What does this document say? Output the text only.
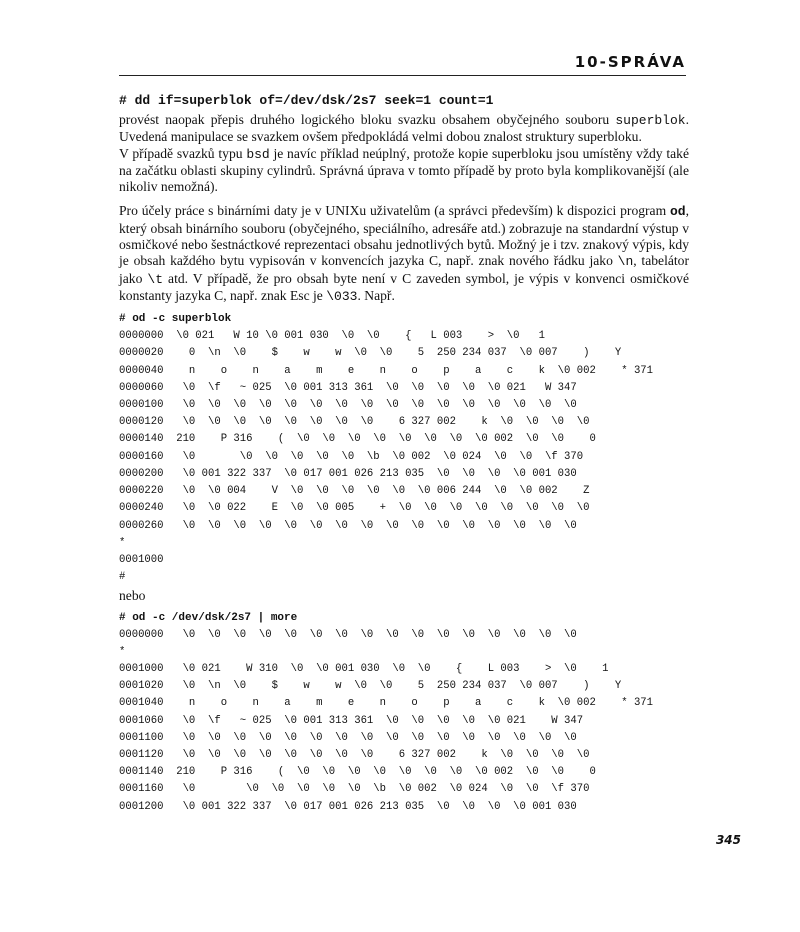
10-SPRÁVA
# dd if=superblok of=/dev/dsk/2s7 seek=1 count=1

provést naopak přepis druhého logického bloku svazku obsahem obyčejného souboru superblok. Uvedená manipulace se svazkem ovšem předpokládá velmi dobou znalost struktury superbloku.
V případě svazků typu bsd je navíc příklad neúplný, protože kopie superbloku jsou umístěny vždy také na začátku oblasti skupiny cylindrů. Správná úprava v tomto případě by proto byla komplikovanější (ale nikoliv nemožná).

Pro účely práce s binárními daty je v UNIXu uživatelům (a správci především) k dispozici program od, který obsah binárního souboru (obyčejného, speciálního, adresáře atd.) zobrazuje na standardní výstup v osmičkové nebo šestnáctkové reprezentaci obsahu jednotlivých bytů. Možný je i tzv. znakový výpis, kdy je obsah každého bytu vypisován v konvencích jazyka C, např. znak nového řádku jako \n, tabelátor jako \t atd. V případě, že pro obsah byte není v C zaveden symbol, je výpis v konvenci osmičkové konstanty jazyka C, např. znak Esc je \033. Např.

# od -c superblok
0000000  \0 021   W 10 \0 001 030  \0  \0    {   L 003    >  \0   1
0000020    0  \n  \0    $    w    w  \0  \0    5  250 234 037  \0 007    )    Y
0000040    n    o    n    a    m    e    n    o    p    a    c    k  \0 002    * 371
0000060   \0  \f   ~ 025  \0 001 313 361  \0  \0  \0  \0  \0 021   W 347
0000100   \0  \0  \0  \0  \0  \0  \0  \0  \0  \0  \0  \0  \0  \0  \0  \0
0000120   \0  \0  \0  \0  \0  \0  \0  \0    6 327 002    k  \0  \0  \0  \0
0000140  210    P 316    (  \0  \0  \0  \0  \0  \0  \0  \0 002  \0  \0    0
0000160   \0       \0  \0  \0  \0  \0  \b  \0 002  \0 024  \0  \0  \f 370
0000200   \0 001 322 337  \0 017 001 026 213 035  \0  \0  \0  \0 001 030
0000220   \0  \0 004    V  \0  \0  \0  \0  \0  \0 006 244  \0  \0 002    Z
0000240   \0  \0 022    E  \0  \0 005    +  \0  \0  \0  \0  \0  \0  \0  \0
0000260   \0  \0  \0  \0  \0  \0  \0  \0  \0  \0  \0  \0  \0  \0  \0  \0
*
0001000
#

nebo

# od -c /dev/dsk/2s7 | more
0000000   \0  \0  \0  \0  \0  \0  \0  \0  \0  \0  \0  \0  \0  \0  \0  \0
*
0001000   \0 021    W 310  \0  \0 001 030  \0  \0    {    L 003    >  \0    1
0001020   \0  \n  \0    $    w    w  \0  \0    5  250 234 037  \0 007    )    Y
0001040    n    o    n    a    m    e    n    o    p    a    c    k  \0 002    * 371
0001060   \0  \f   ~ 025  \0 001 313 361  \0  \0  \0  \0  \0 021    W 347
0001100   \0  \0  \0  \0  \0  \0  \0  \0  \0  \0  \0  \0  \0  \0  \0  \0
0001120   \0  \0  \0  \0  \0  \0  \0  \0    6 327 002    k  \0  \0  \0  \0
0001140  210    P 316    (  \0  \0  \0  \0  \0  \0  \0  \0 002  \0  \0    0
0001160   \0        \0  \0  \0  \0  \0  \b  \0 002  \0 024  \0  \0  \f 370
0001200   \0 001 322 337  \0 017 001 026 213 035  \0  \0  \0  \0 001 030
345
